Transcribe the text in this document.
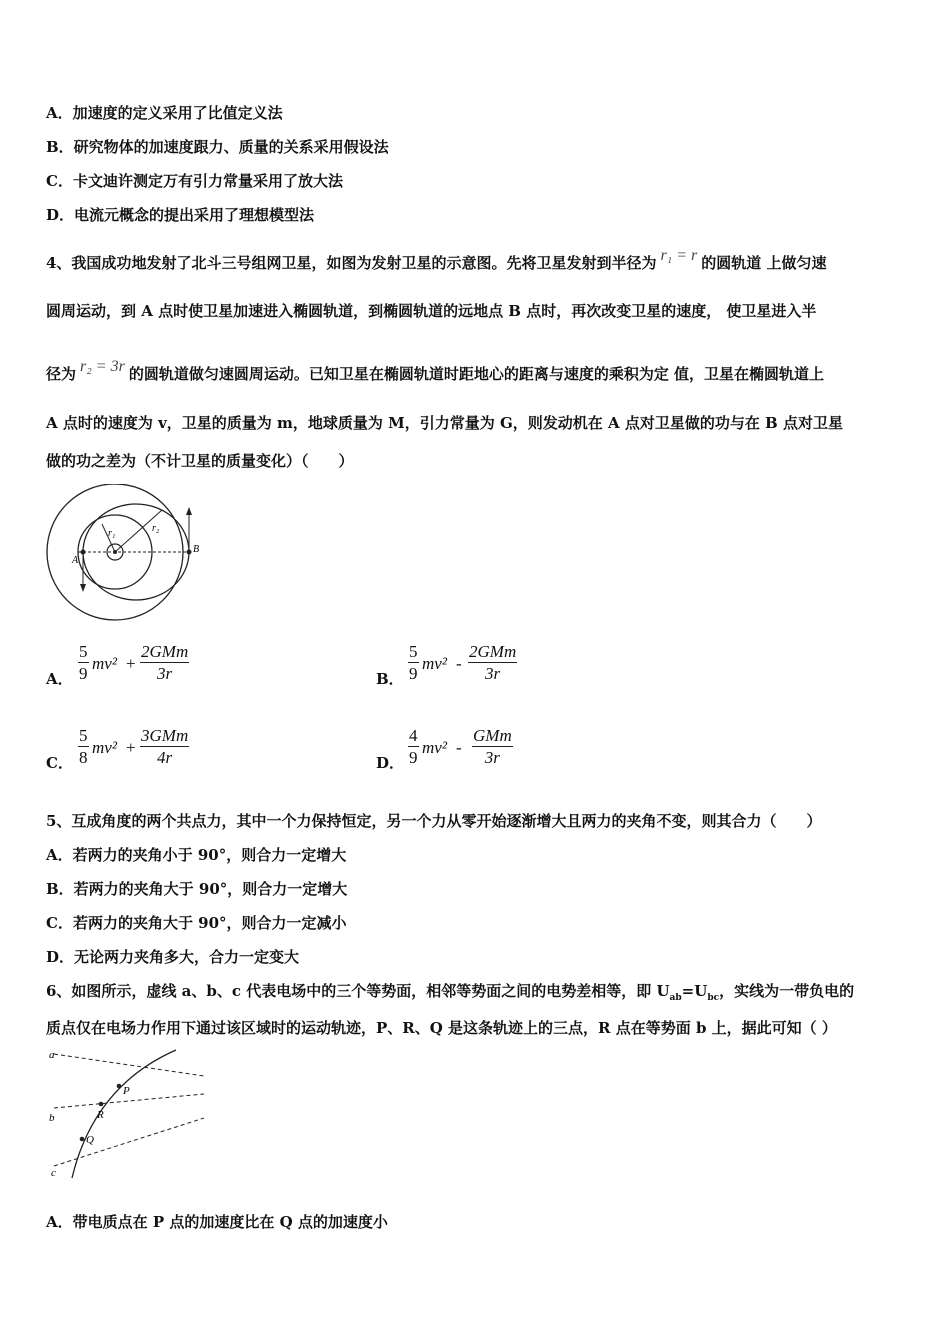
A．加速度的定义采用了比值定义法
B．研究物体的加速度跟力、质量的关系采用假设法
C．卡文迪许测定万有引力常量采用了放大法
D．电流元概念的提出采用了理想模型法
4、我国成功地发射了北斗三号组网卫星，如图为发射卫星的示意图。先将卫星发射到半径为 r₁ = r 的圆轨道 上做匀速
圆周运动，到 A 点时使卫星加速进入椭圆轨道，到椭圆轨道的远地点 B 点时，再次改变卫星的速度， 使卫星进入半
径为 r₂ = 3r 的圆轨道做匀速圆周运动。已知卫星在椭圆轨道时距地心的距离与速度的乘积为定 值，卫星在椭圆轨道上
A 点时的速度为 v，卫星的质量为 m，地球质量为 M，引力常量为 G，则发动机在 A 点对卫星做的功与在 B 点对卫星
做的功之差为（不计卫星的质量变化）（　　）
r₁	r₂
A
B
A． $\frac{5}{9} mv^2$ +
2GMm
3r	B． $\frac{5}{9} mv^2$ -
2GMm
3r
C． $\frac{5}{8} mv^2$ +
3GMm
4r	D． $\frac{4}{9} mv^2$ -
GMm
3r
5、互成角度的两个共点力，其中一个力保持恒定，另一个力从零开始逐渐增大且两力的夹角不变，则其合力（　　）
A．若两力的夹角小于 90°，则合力一定增大
B．若两力的夹角大于 90°，则合力一定增大
C．若两力的夹角大于 90°，则合力一定减小
D．无论两力夹角多大，合力一定变大
6、如图所示，虚线 a、b、c 代表电场中的三个等势面，相邻等势面之间的电势差相等，即 $U_{ab}=U_{bc}$，实线为一带负电的
质点仅在电场力作用下通过该区域时的运动轨迹，P、R、Q 是这条轨迹上的三点，R 点在等势面 b 上，据此可知（ ）
a
b
c
P
R
Q
A．带电质点在 P 点的加速度比在 Q 点的加速度小
